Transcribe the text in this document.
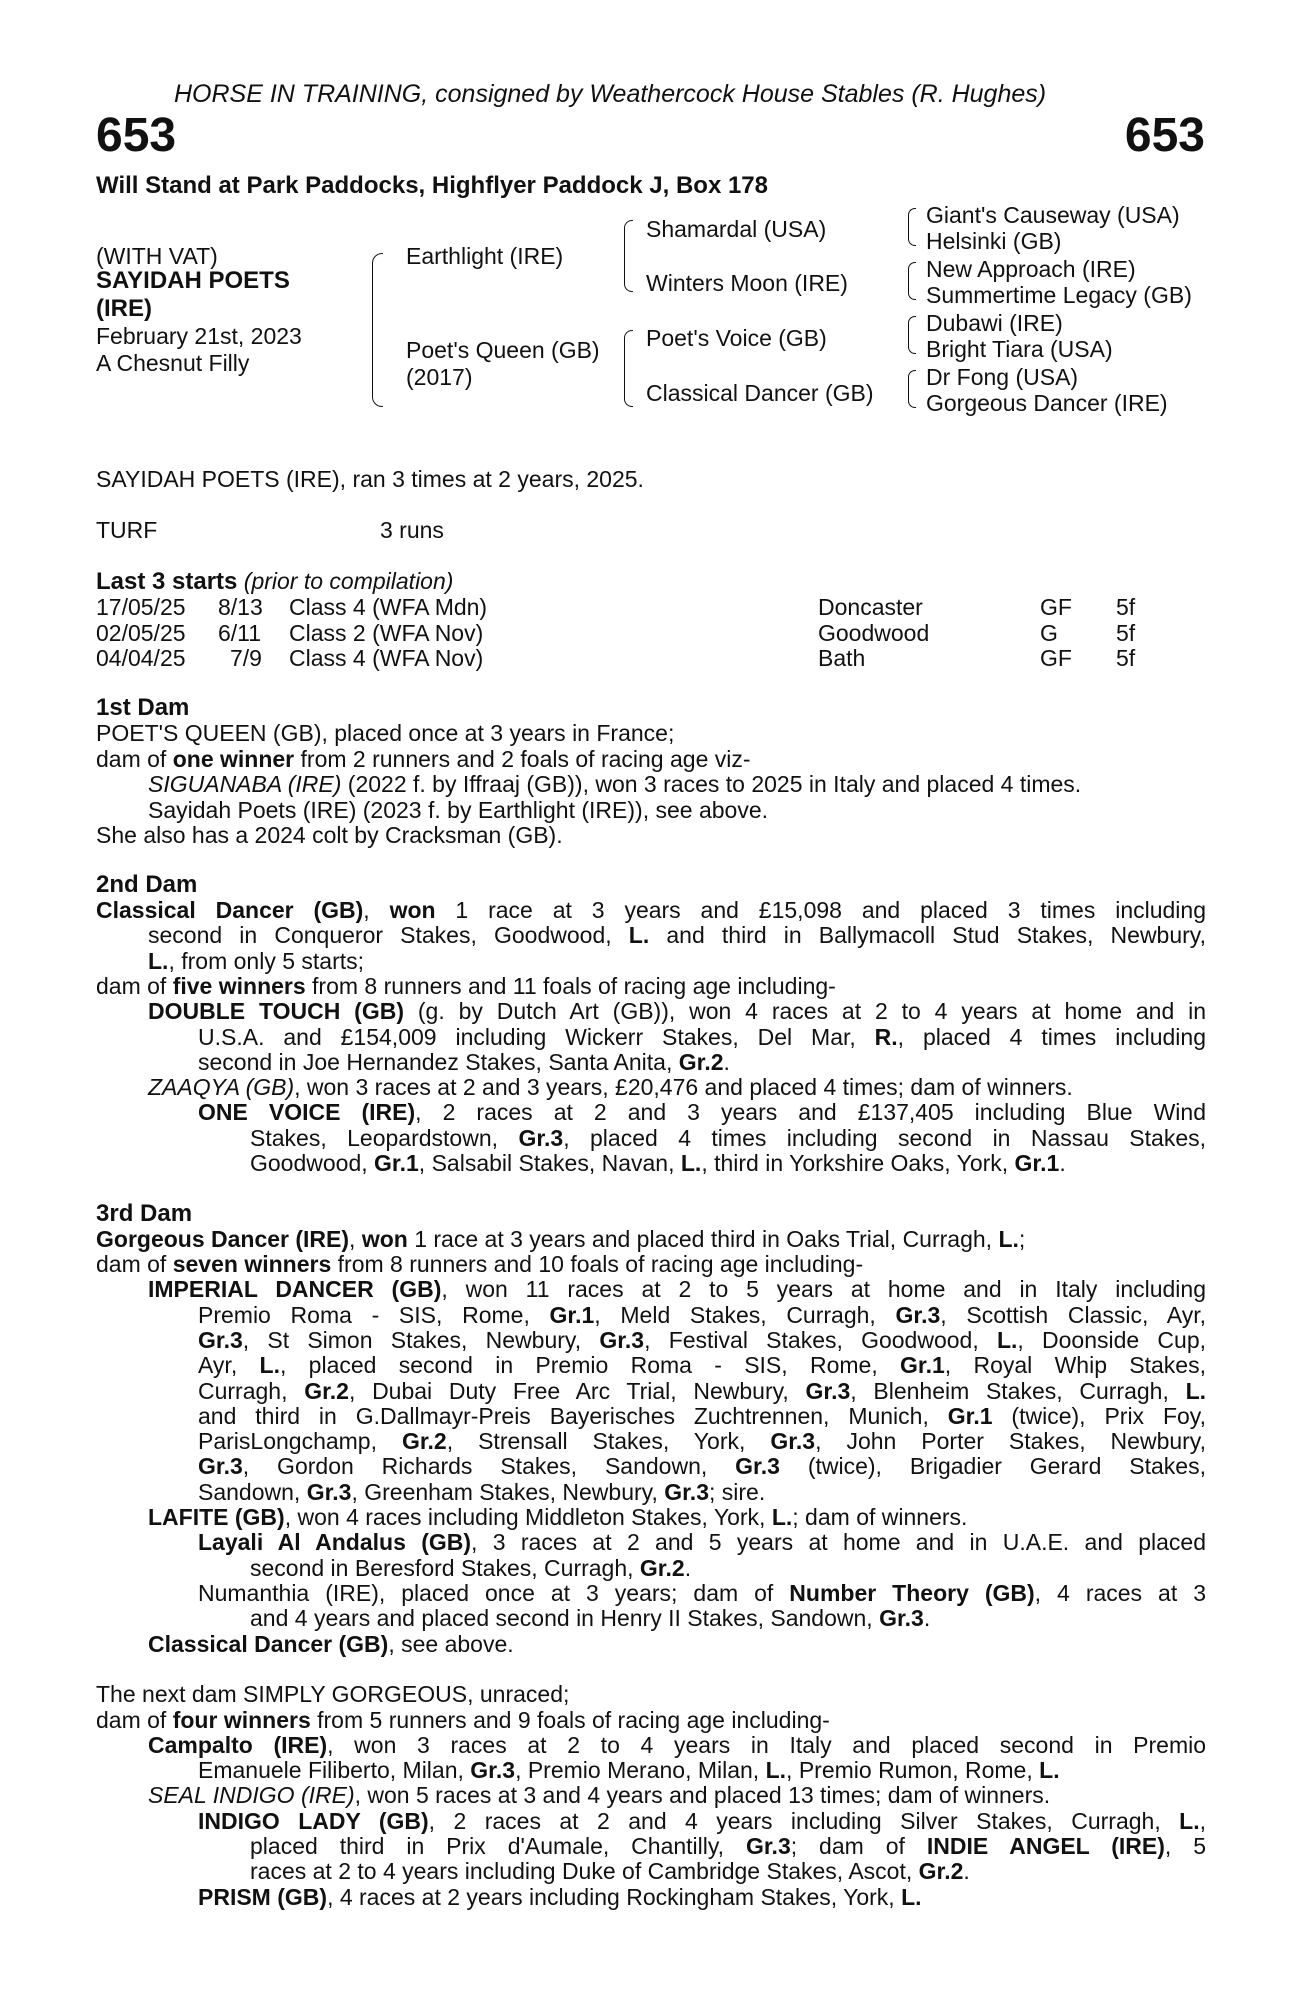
HORSE IN TRAINING, consigned by Weathercock House Stables (R. Hughes)
653	653
Will Stand at Park Paddocks, Highflyer Paddock J, Box 178
(WITH VAT)
SAYIDAH POETS
(IRE)
February 21st, 2023
A Chesnut Filly
Earthlight (IRE)
Poet's Queen (GB)
(2017)
Shamardal (USA)
Winters Moon (IRE)
Poet's Voice (GB)
Classical Dancer (GB)
Giant's Causeway (USA)
Helsinki (GB)
New Approach (IRE)
Summertime Legacy (GB)
Dubawi (IRE)
Bright Tiara (USA)
Dr Fong (USA)
Gorgeous Dancer (IRE)
SAYIDAH POETS (IRE), ran 3 times at 2 years, 2025.
TURF	3 runs
Last 3 starts (prior to compilation)
17/05/25 8/13 Class 4 (WFA Mdn)	Doncaster	GF 5f
02/05/25 6/11 Class 2 (WFA Nov)	Goodwood	G	5f
04/04/25 7/9 Class 4 (WFA Nov)	Bath	GF 5f
1st Dam
POET'S QUEEN (GB), placed once at 3 years in France;
dam of one winner from 2 runners and 2 foals of racing age viz-
SIGUANABA (IRE) (2022 f. by Iffraaj (GB)), won 3 races to 2025 in Italy and placed 4 times.
Sayidah Poets (IRE) (2023 f. by Earthlight (IRE)), see above.
She also has a 2024 colt by Cracksman (GB).
2nd Dam
Classical Dancer (GB), won 1 race at 3 years and £15,098 and placed 3 times including
second in Conqueror Stakes, Goodwood, L. and third in Ballymacoll Stud Stakes, Newbury,
L., from only 5 starts;
dam of five winners from 8 runners and 11 foals of racing age including-
DOUBLE TOUCH (GB) (g. by Dutch Art (GB)), won 4 races at 2 to 4 years at home and in
U.S.A. and £154,009 including Wickerr Stakes, Del Mar, R., placed 4 times including
second in Joe Hernandez Stakes, Santa Anita, Gr.2.
ZAAQYA (GB), won 3 races at 2 and 3 years, £20,476 and placed 4 times; dam of winners.
ONE VOICE (IRE), 2 races at 2 and 3 years and £137,405 including Blue Wind
Stakes, Leopardstown, Gr.3, placed 4 times including second in Nassau Stakes,
Goodwood, Gr.1, Salsabil Stakes, Navan, L., third in Yorkshire Oaks, York, Gr.1.
3rd Dam
Gorgeous Dancer (IRE), won 1 race at 3 years and placed third in Oaks Trial, Curragh, L.;
dam of seven winners from 8 runners and 10 foals of racing age including-
IMPERIAL DANCER (GB), won 11 races at 2 to 5 years at home and in Italy including
Premio Roma - SIS, Rome, Gr.1, Meld Stakes, Curragh, Gr.3, Scottish Classic, Ayr,
Gr.3, St Simon Stakes, Newbury, Gr.3, Festival Stakes, Goodwood, L., Doonside Cup,
Ayr, L., placed second in Premio Roma - SIS, Rome, Gr.1, Royal Whip Stakes,
Curragh, Gr.2, Dubai Duty Free Arc Trial, Newbury, Gr.3, Blenheim Stakes, Curragh, L.
and third in G.Dallmayr-Preis Bayerisches Zuchtrennen, Munich, Gr.1 (twice), Prix Foy,
ParisLongchamp, Gr.2, Strensall Stakes, York, Gr.3, John Porter Stakes, Newbury,
Gr.3, Gordon Richards Stakes, Sandown, Gr.3 (twice), Brigadier Gerard Stakes,
Sandown, Gr.3, Greenham Stakes, Newbury, Gr.3; sire.
LAFITE (GB), won 4 races including Middleton Stakes, York, L.; dam of winners.
Layali Al Andalus (GB), 3 races at 2 and 5 years at home and in U.A.E. and placed
second in Beresford Stakes, Curragh, Gr.2.
Numanthia (IRE), placed once at 3 years; dam of Number Theory (GB), 4 races at 3
and 4 years and placed second in Henry II Stakes, Sandown, Gr.3.
Classical Dancer (GB), see above.
The next dam SIMPLY GORGEOUS, unraced;
dam of four winners from 5 runners and 9 foals of racing age including-
Campalto (IRE), won 3 races at 2 to 4 years in Italy and placed second in Premio
Emanuele Filiberto, Milan, Gr.3, Premio Merano, Milan, L., Premio Rumon, Rome, L.
SEAL INDIGO (IRE), won 5 races at 3 and 4 years and placed 13 times; dam of winners.
INDIGO LADY (GB), 2 races at 2 and 4 years including Silver Stakes, Curragh, L.,
placed third in Prix d'Aumale, Chantilly, Gr.3; dam of INDIE ANGEL (IRE), 5
races at 2 to 4 years including Duke of Cambridge Stakes, Ascot, Gr.2.
PRISM (GB), 4 races at 2 years including Rockingham Stakes, York, L.
